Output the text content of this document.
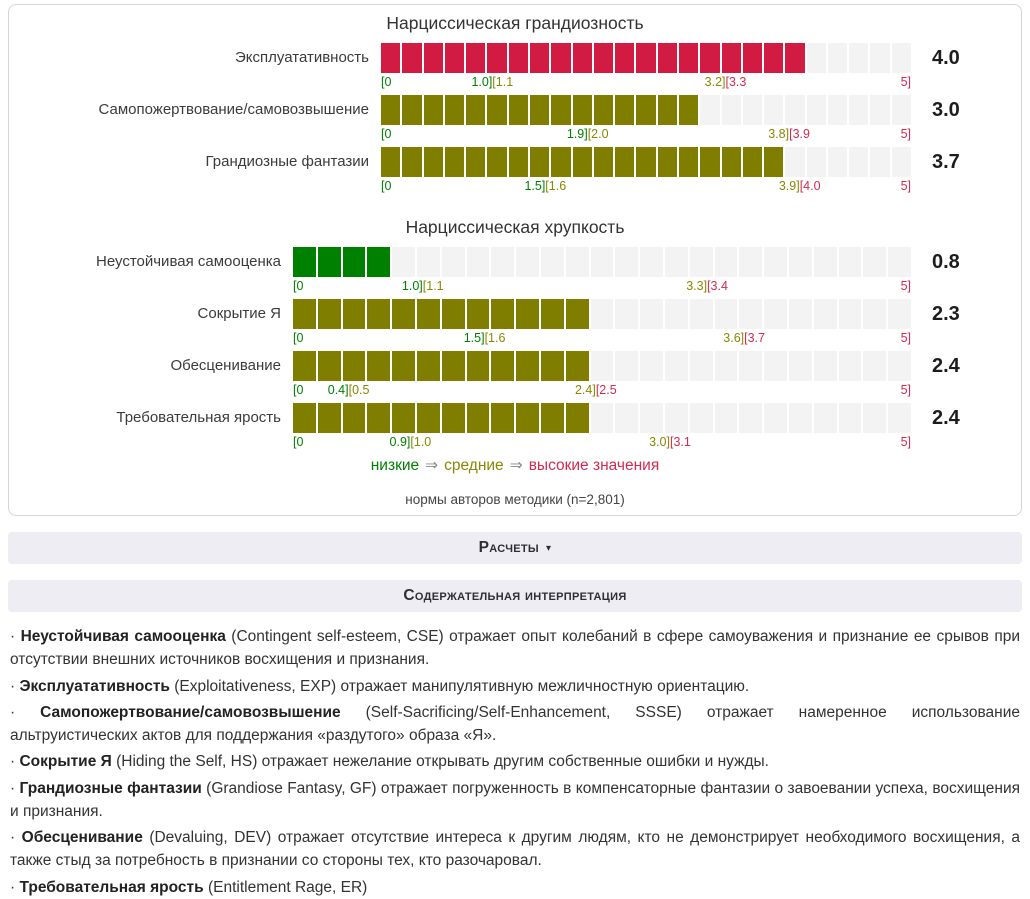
Нарциссическая грандиозность
Эксплуатативность	4.0
[0	1.0][1.1	3.2][3.3	5]
Самопожертвование/самовозвышение	3.0
[0	1.9][2.0	3.8][3.9	5]
Грандиозные фантазии	3.7
[0	1.5][1.6	3.9][4.0	5]
Нарциссическая хрупкость
Неустойчивая самооценка	0.8
[0	1.0][1.1	3.3][3.4	5]
Сокрытие Я	2.3
[0	1.5][1.6	3.6][3.7	5]
Обесценивание	2.4
[0 0.4][0.5	2.4][2.5	5]
Требовательная ярость	2.4
[0	0.9][1.0	3.0][3.1	5]
низкие ⇒ средние ⇒ высокие значения
нормы авторов методики (n=2,801)
Расчеты ▾
Содержательная интерпретация

· Неустойчивая самооценка (Contingent self-esteem, CSE) отражает опыт колебаний в сфере самоуважения и признание ее срывов при отсутствии внешних источников восхищения и признания.

· Эксплуатативность (Exploitativeness, EXP) отражает манипулятивную межличностную ориентацию.

· Самопожертвование/самовозвышение (Self-Sacrificing/Self-Enhancement, SSSE) отражает намеренное использование альтруистических актов для поддержания «раздутого» образа «Я».

· Сокрытие Я (Hiding the Self, HS) отражает нежелание открывать другим собственные ошибки и нужды.

· Грандиозные фантазии (Grandiose Fantasy, GF) отражает погруженность в компенсаторные фантазии о завоевании успеха, восхищения и признания.

· Обесценивание (Devaluing, DEV) отражает отсутствие интереса к другим людям, кто не демонстрирует необходимого восхищения, а также стыд за потребность в признании со стороны тех, кто разочаровал.

· Требовательная ярость (Entitlement Rage, ER)
